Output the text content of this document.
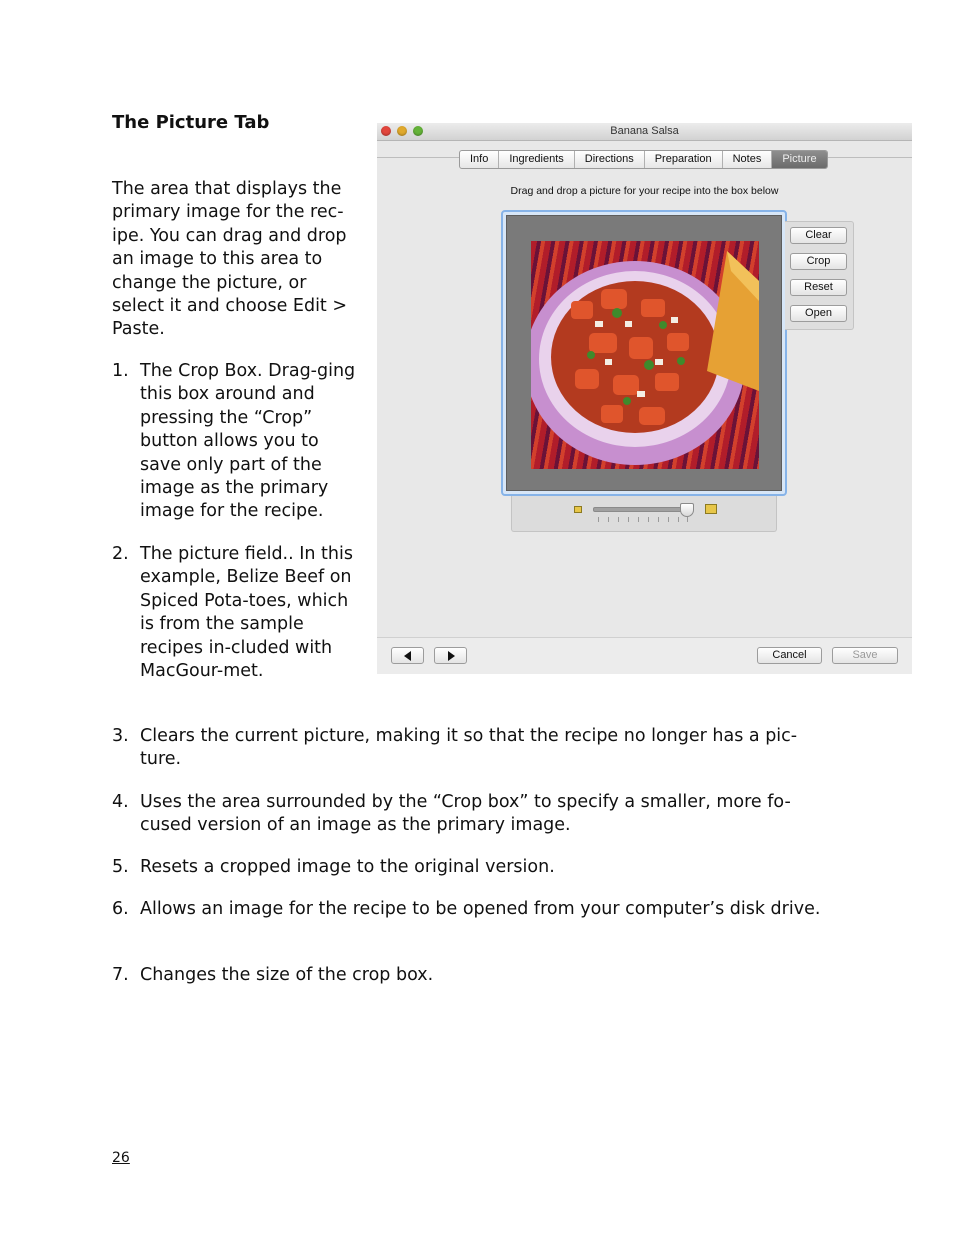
The Picture Tab

The area that displays the primary image for the rec-ipe. You can drag and drop an image to this area to change the picture, or select it and choose Edit > Paste.

1. The Crop Box. Drag-ging this box around and pressing the “Crop” button allows you to save only part of the image as the primary image for the recipe.
2. The picture field.. In this example, Belize Beef on Spiced Pota-toes, which is from the sample recipes in-cluded with MacGour-met.
3. Clears the current picture, making it so that the recipe no longer has a pic-ture.
4. Uses the area surrounded by the “Crop box” to specify a smaller, more fo-cused version of an image as the primary image.
5. Resets a cropped image to the original version.
6. Allows an image for the recipe to be opened from your computer’s disk drive.
7. Changes the size of the crop box.
26
Banana Salsa
Info	Ingredients	Directions	Preparation	Notes	Picture
Drag and drop a picture for your recipe into the box below
Clear
Crop
Reset
Open
Cancel	Save
